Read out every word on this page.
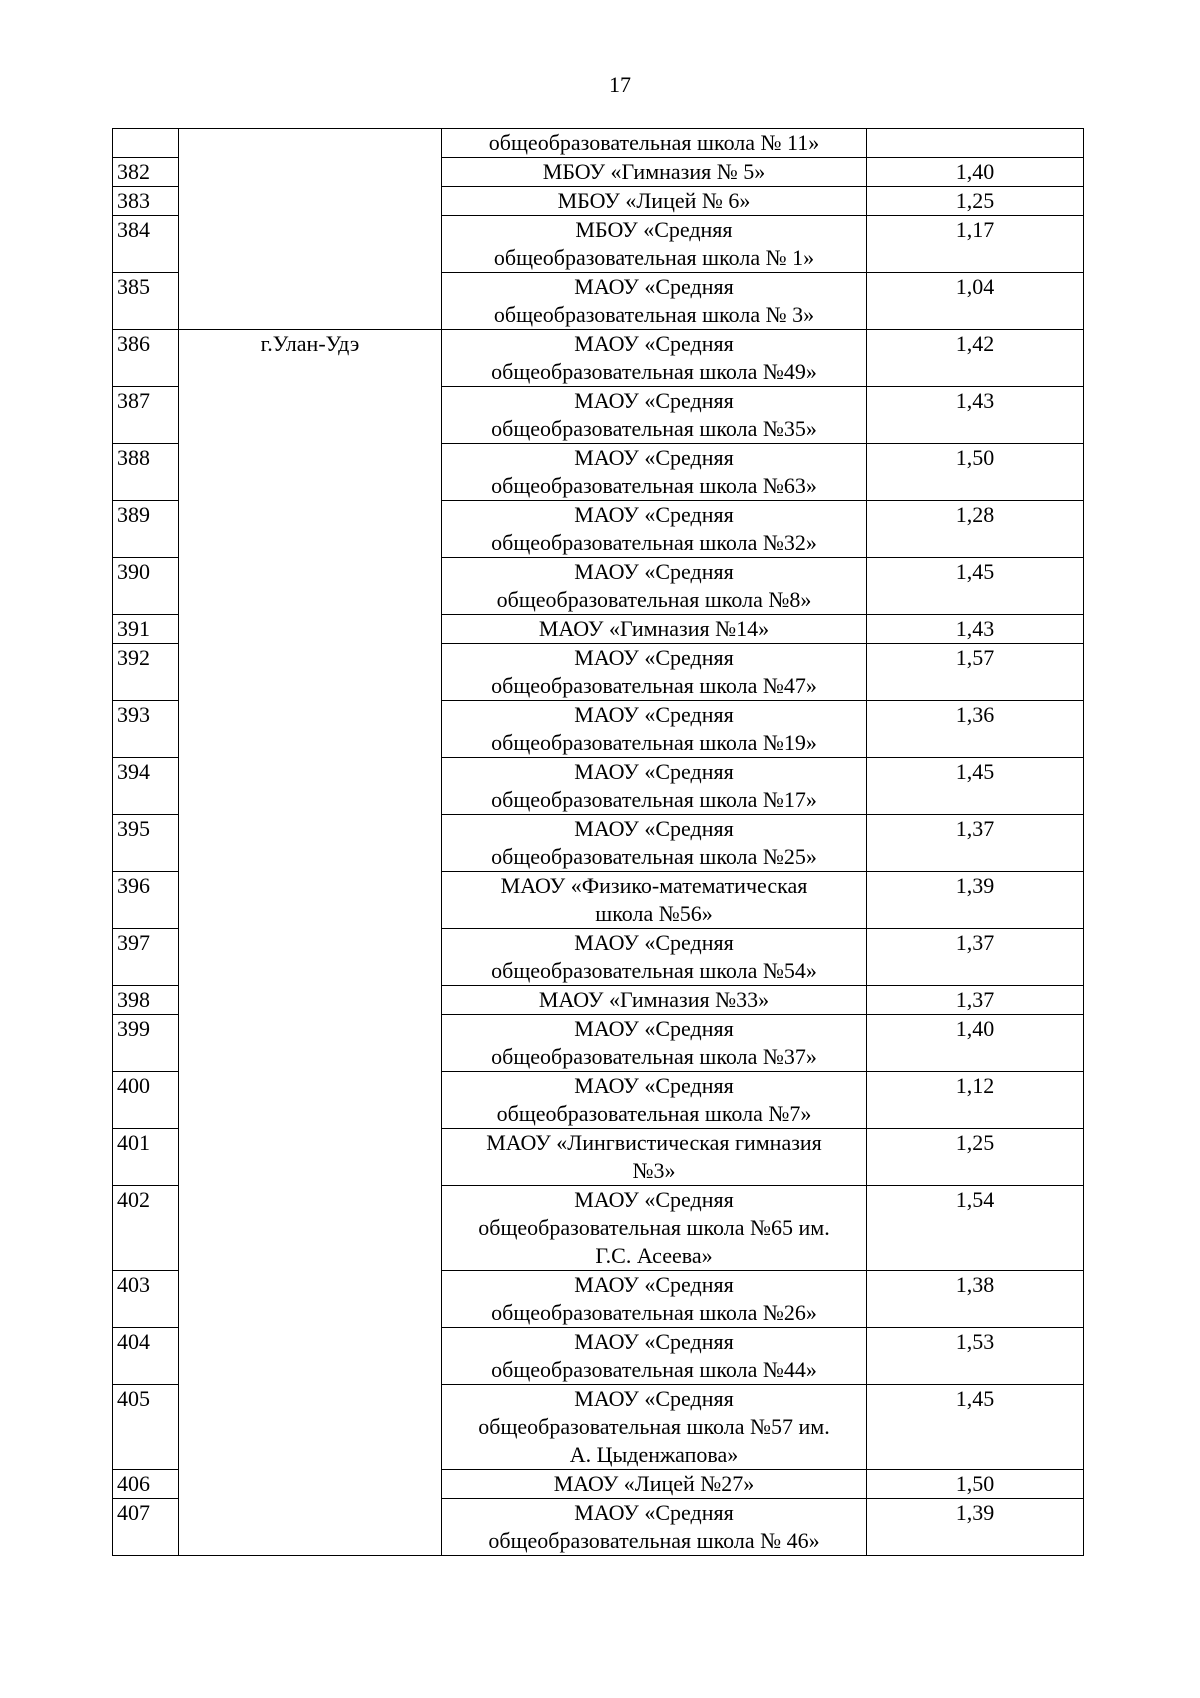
17

		общеобразовательная школа № 11»	

382		МБОУ «Гимназия № 5»	1,40
383		МБОУ «Лицей № 6»	1,25
384		МБОУ «Средняя
общеобразовательная школа № 1»	1,17
385		МАОУ «Средняя
общеобразовательная школа № 3»	1,04
386	г.Улан-Удэ	МАОУ «Средняя
общеобразовательная школа №49»	1,42
387		МАОУ «Средняя
общеобразовательная школа №35»	1,43
388		МАОУ «Средняя
общеобразовательная школа №63»	1,50
389		МАОУ «Средняя
общеобразовательная школа №32»	1,28
390		МАОУ «Средняя
общеобразовательная школа №8»	1,45
391		МАОУ «Гимназия №14»	1,43
392		МАОУ «Средняя
общеобразовательная школа №47»	1,57
393		МАОУ «Средняя
общеобразовательная школа №19»	1,36
394		МАОУ «Средняя
общеобразовательная школа №17»	1,45
395		МАОУ «Средняя
общеобразовательная школа №25»	1,37
396		МАОУ «Физико-математическая
школа №56»	1,39
397		МАОУ «Средняя
общеобразовательная школа №54»	1,37
398		МАОУ «Гимназия №33»	1,37
399		МАОУ «Средняя
общеобразовательная школа №37»	1,40
400		МАОУ «Средняя
общеобразовательная школа №7»	1,12
401		МАОУ «Лингвистическая гимназия
№3»	1,25
402		МАОУ «Средняя
общеобразовательная школа №65 им.
Г.С. Асеева»	1,54
403		МАОУ «Средняя
общеобразовательная школа №26»	1,38
404		МАОУ «Средняя
общеобразовательная школа №44»	1,53
405		МАОУ «Средняя
общеобразовательная школа №57 им.
А. Цыденжапова»	1,45
406		МАОУ «Лицей №27»	1,50
407		МАОУ «Средняя
общеобразовательная школа № 46»	1,39
